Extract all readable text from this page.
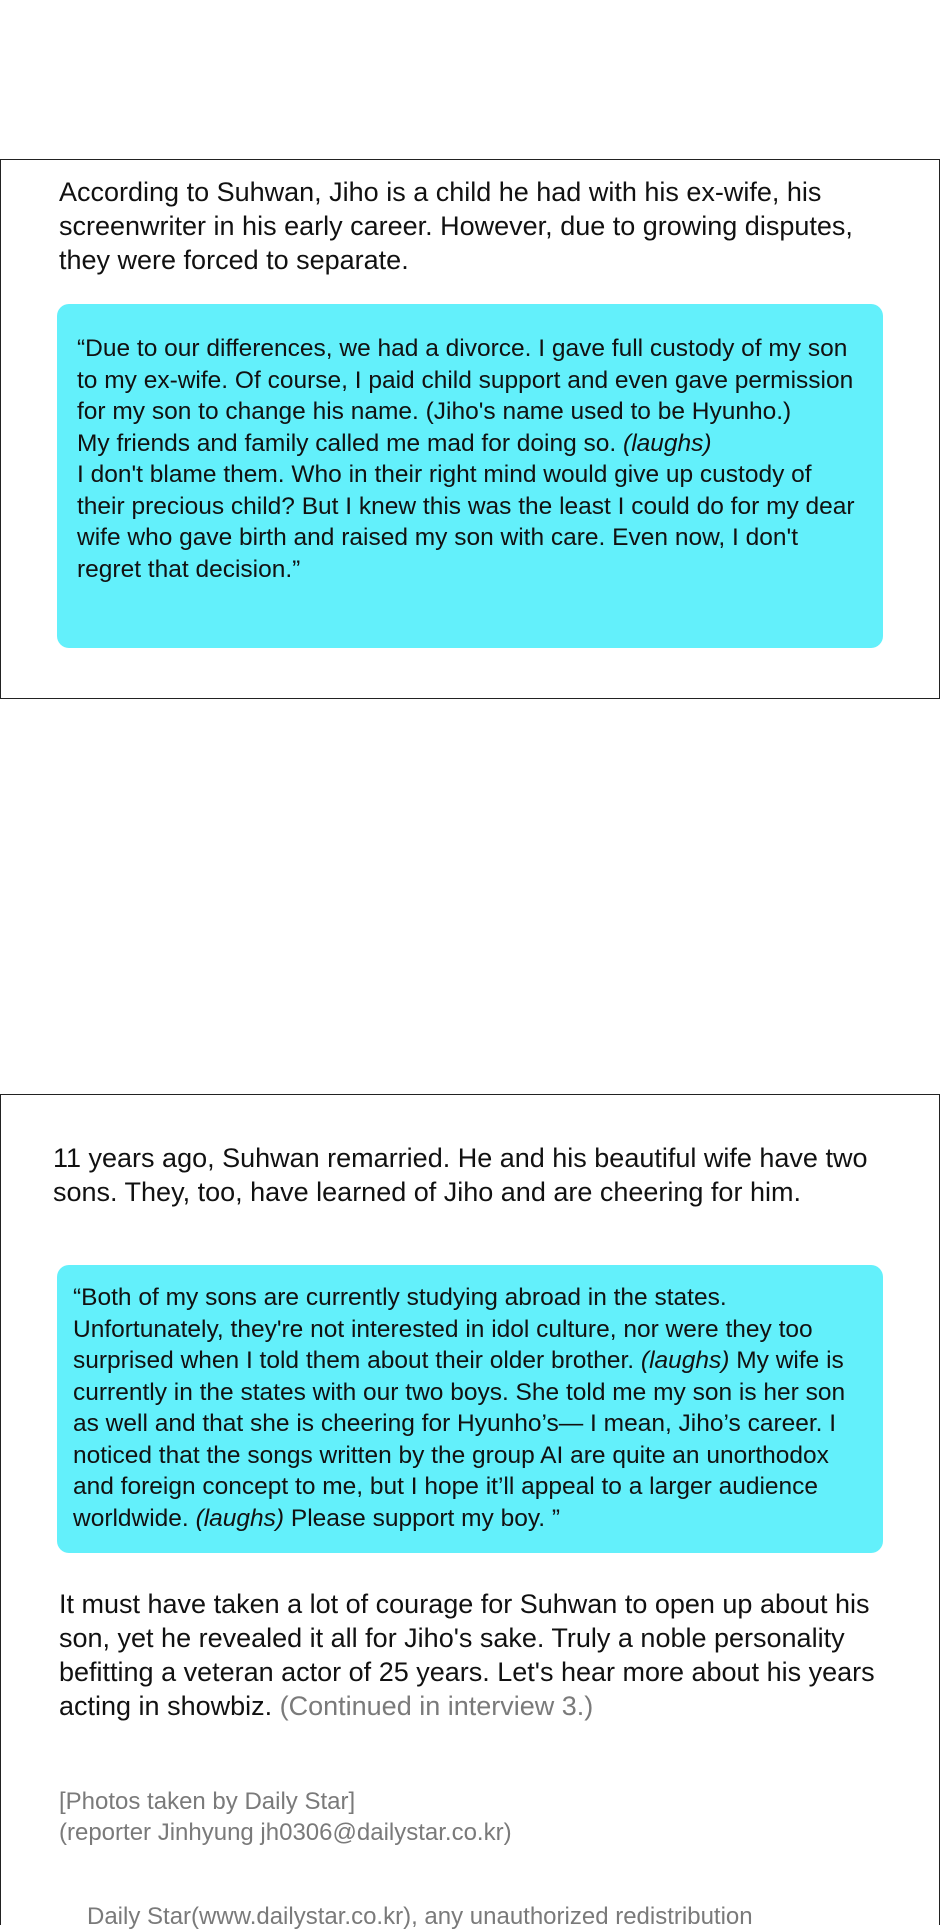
According to Suhwan, Jiho is a child he had with his ex-wife, his screenwriter in his early career. However, due to growing disputes, they were forced to separate.

“Due to our differences, we had a divorce. I gave full custody of my son to my ex-wife. Of course, I paid child support and even gave permission for my son to change his name. (Jiho's name used to be Hyunho.)
My friends and family called me mad for doing so. (laughs)
I don't blame them. Who in their right mind would give up custody of their precious child? But I knew this was the least I could do for my dear wife who gave birth and raised my son with care. Even now, I don't regret that decision.”

11 years ago, Suhwan remarried. He and his beautiful wife have two sons. They, too, have learned of Jiho and are cheering for him.

“Both of my sons are currently studying abroad in the states. Unfortunately, they're not interested in idol culture, nor were they too surprised when I told them about their older brother. (laughs) My wife is currently in the states with our two boys. She told me my son is her son as well and that she is cheering for Hyunho’s— I mean, Jiho’s career. I noticed that the songs written by the group AI are quite an unorthodox and foreign concept to me, but I hope it’ll appeal to a larger audience worldwide. (laughs) Please support my boy. ”

It must have taken a lot of courage for Suhwan to open up about his son, yet he revealed it all for Jiho's sake. Truly a noble personality befitting a veteran actor of 25 years. Let's hear more about his years acting in showbiz. (Continued in interview 3.)

[Photos taken by Daily Star]
(reporter Jinhyung jh0306@dailystar.co.kr)
Daily Star(www.dailystar.co.kr), any unauthorized redistribution
